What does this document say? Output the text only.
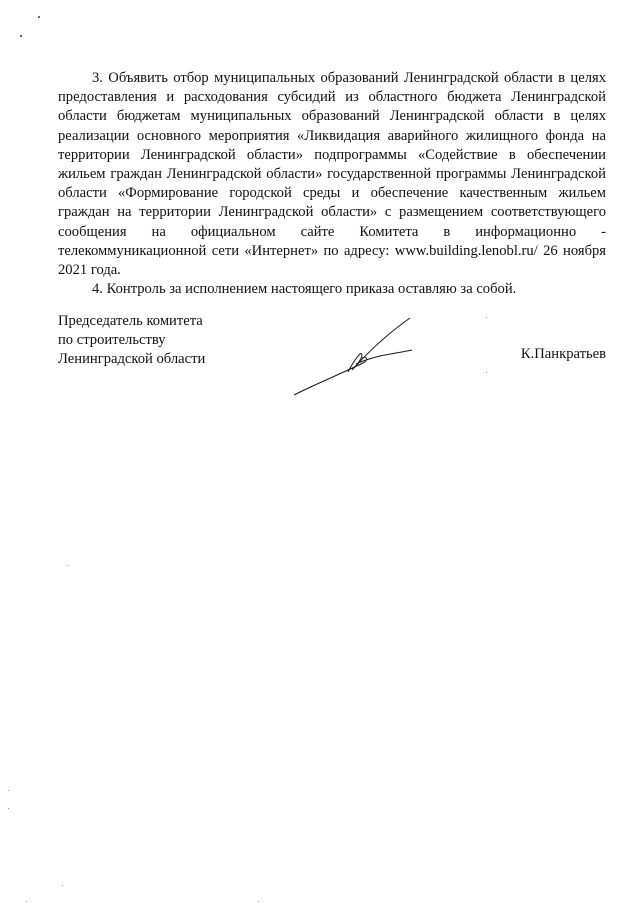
3. Объявить отбор муниципальных образований Ленинградской области в целях предоставления и расходования субсидий из областного бюджета Ленинградской области бюджетам муниципальных образований Ленинградской области в целях реализации основного мероприятия «Ликвидация аварийного жилищного фонда на территории Ленинградской области» подпрограммы «Содействие в обеспечении жильем граждан Ленинградской области» государственной программы Ленинградской области «Формирование городской среды и обеспечение качественным жильем граждан на территории Ленинградской области» с размещением соответствующего сообщения на официальном сайте Комитета в информационно - телекоммуникационной сети «Интернет» по адресу: www.building.lenobl.ru/ 26 ноября 2021 года.

4. Контроль за исполнением настоящего приказа оставляю за собой.

Председатель комитета
по строительству
Ленинградской области	К.Панкратьев
